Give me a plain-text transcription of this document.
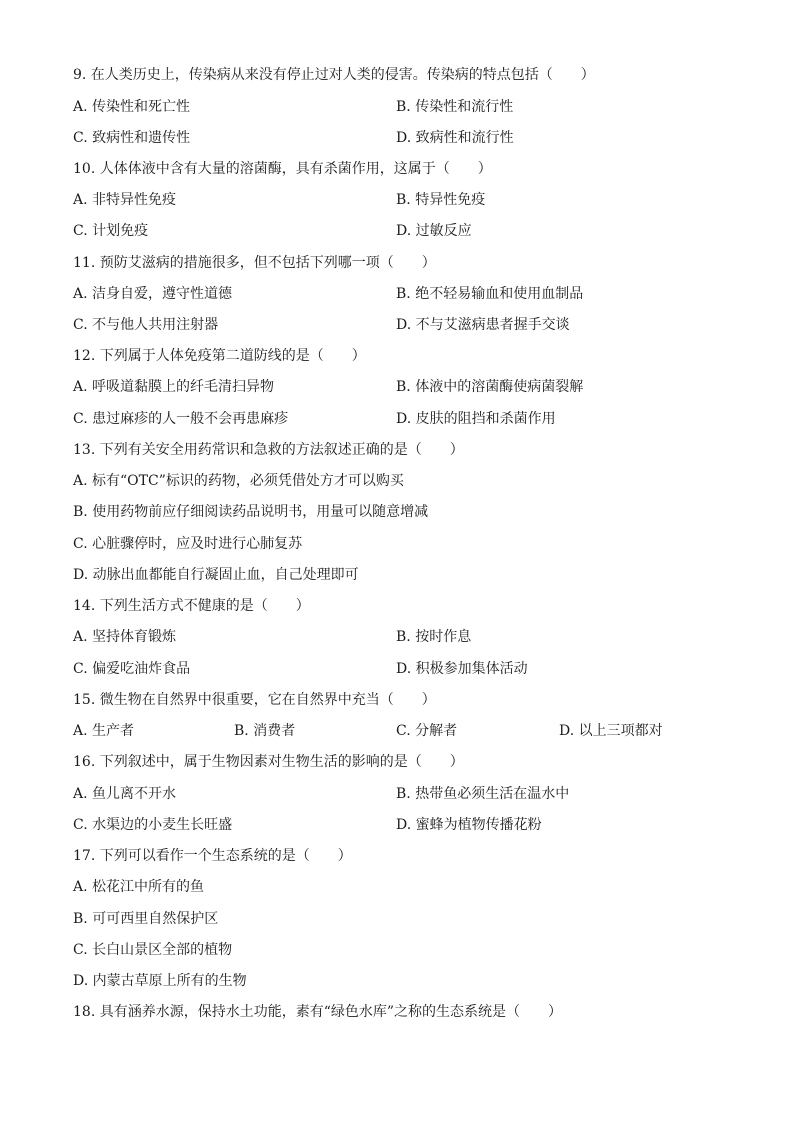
9. 在人类历史上，传染病从来没有停止过对人类的侵害。传染病的特点包括（　　）
A. 传染性和死亡性	B. 传染性和流行性
C. 致病性和遗传性	D. 致病性和流行性
10. 人体体液中含有大量的溶菌酶，具有杀菌作用，这属于（　　）
A. 非特异性免疫	B. 特异性免疫
C. 计划免疫	D. 过敏反应
11. 预防艾滋病的措施很多，但不包括下列哪一项（　　）
A. 洁身自爱，遵守性道德	B. 绝不轻易输血和使用血制品
C. 不与他人共用注射器	D. 不与艾滋病患者握手交谈
12. 下列属于人体免疫第二道防线的是（　　）
A. 呼吸道黏膜上的纤毛清扫异物	B. 体液中的溶菌酶使病菌裂解
C. 患过麻疹的人一般不会再患麻疹	D. 皮肤的阻挡和杀菌作用
13. 下列有关安全用药常识和急救的方法叙述正确的是（　　）
A. 标有“OTC”标识的药物，必须凭借处方才可以购买
B. 使用药物前应仔细阅读药品说明书，用量可以随意增减
C. 心脏骤停时，应及时进行心肺复苏
D. 动脉出血都能自行凝固止血，自己处理即可
14. 下列生活方式不健康的是（　　）
A. 坚持体育锻炼	B. 按时作息
C. 偏爱吃油炸食品	D. 积极参加集体活动
15. 微生物在自然界中很重要，它在自然界中充当（　　）
A. 生产者	B. 消费者	C. 分解者	D. 以上三项都对
16. 下列叙述中，属于生物因素对生物生活的影响的是（　　）
A. 鱼儿离不开水	B. 热带鱼必须生活在温水中
C. 水渠边的小麦生长旺盛	D. 蜜蜂为植物传播花粉
17. 下列可以看作一个生态系统的是（　　）
A. 松花江中所有的鱼
B. 可可西里自然保护区
C. 长白山景区全部的植物
D. 内蒙古草原上所有的生物
18. 具有涵养水源，保持水土功能，素有“绿色水库”之称的生态系统是（　　）
